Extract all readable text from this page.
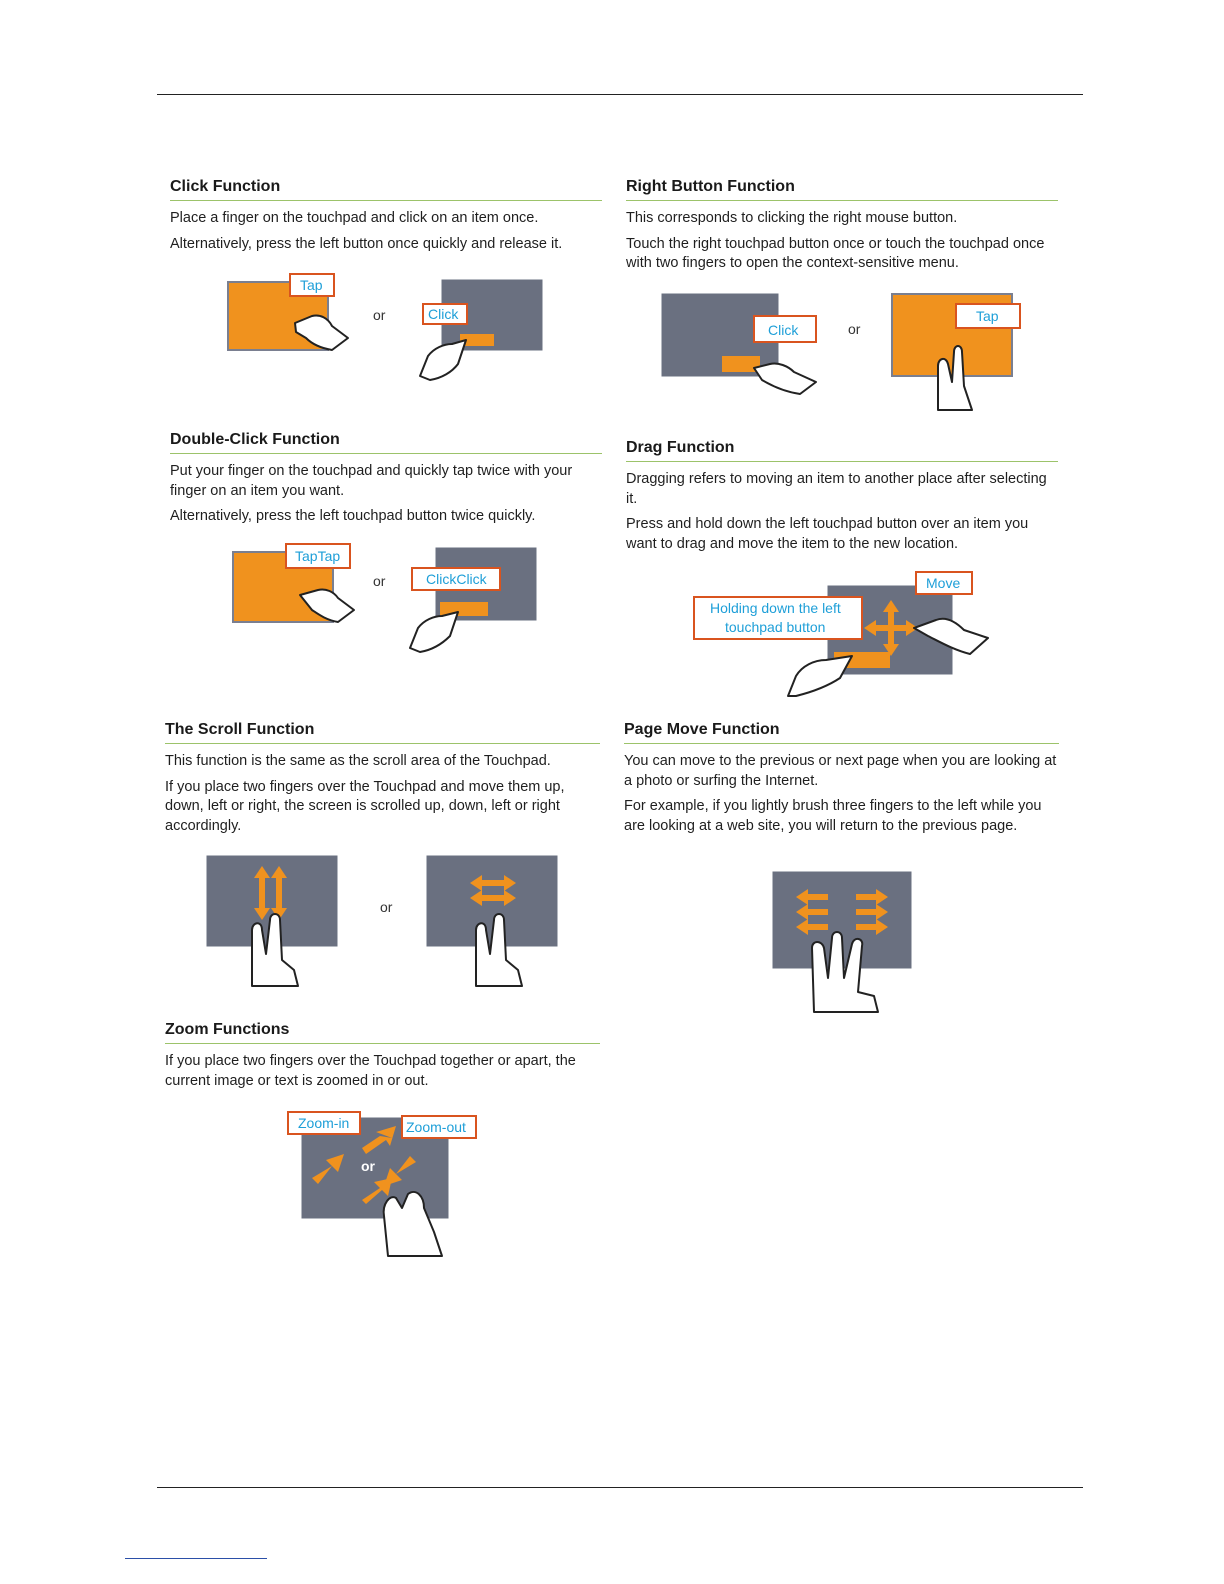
Click Function

Place a finger on the touchpad and click on an item once.

Alternatively, press the left button once quickly and release it.

Tap
or	Click
Right Button Function

This corresponds to clicking the right mouse button.

Touch the right touchpad button once or touch the touchpad once with two fingers to open the context-sensitive menu.

Click	or
Tap
Double-Click Function

Put your finger on the touchpad and quickly tap twice with your finger on an item you want.

Alternatively, press the left touchpad button twice quickly.

TapTap
or	ClickClick
Drag Function

Dragging refers to moving an item to another place after selecting it.

Press and hold down the left touchpad button over an item you want to drag and move the item to the new location.

Holding down the left
touchpad button
Move
The Scroll Function

This function is the same as the scroll area of the Touchpad.

If you place two fingers over the Touchpad and move them up, down, left or right, the screen is scrolled up, down, left or right accordingly.

or
Page Move Function

You can move to the previous or next page when you are looking at a photo or surfing the Internet.

For example, if you lightly brush three fingers to the left while you are looking at a web site, you will return to the previous page.

Zoom Functions

If you place two fingers over the Touchpad together or apart, the current image or text is zoomed in or out.

or
Zoom-in	Zoom-out
